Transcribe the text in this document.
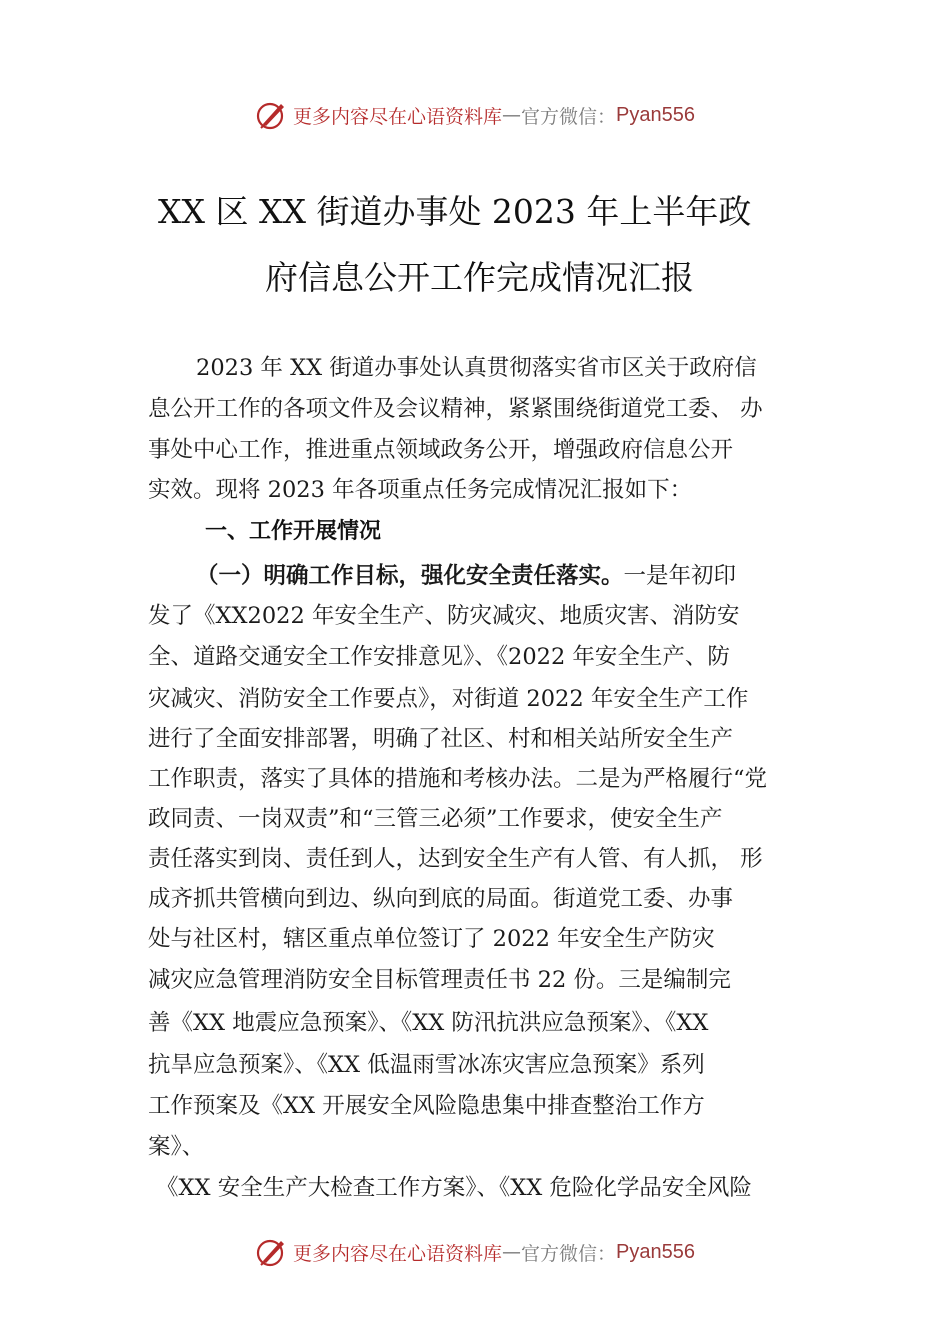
更多内容尽在心语资料库 — 官方微信： Pyan556
XX 区 XX 街道办事处 2023 年上半年政
府信息公开工作完成情况汇报
2023 年 XX 街道办事处认真贯彻落实省市区关于政府信
息公开工作的各项文件及会议精神，紧紧围绕街道党工委、 办
事处中心工作，推进重点领域政务公开，增强政府信息公开
实效。现将 2023 年各项重点任务完成情况汇报如下：
一、工作开展情况
（一）明确工作目标，强化安全责任落实。一是年初印
发了《XX2022 年安全生产、防灾减灾、地质灾害、消防安
全、道路交通安全工作安排意见》、《2022 年安全生产、防
灾减灾、消防安全工作要点》，对街道 2022 年安全生产工作
进行了全面安排部署，明确了社区、村和相关站所安全生产
工作职责，落实了具体的措施和考核办法。二是为严格履行“党
政同责、一岗双责”和“三管三必须”工作要求，使安全生产
责任落实到岗、责任到人，达到安全生产有人管、有人抓， 形
成齐抓共管横向到边、纵向到底的局面。街道党工委、办事
处与社区村，辖区重点单位签订了 2022 年安全生产防灾
减灾应急管理消防安全目标管理责任书 22 份。三是编制完
善《XX 地震应急预案》、《XX 防汛抗洪应急预案》、《XX
抗旱应急预案》、《XX 低温雨雪冰冻灾害应急预案》系列
工作预案及《XX 开展安全风险隐患集中排查整治工作方
案》、
《XX 安全生产大检查工作方案》、《XX 危险化学品安全风险
更多内容尽在心语资料库 — 官方微信： Pyan556
